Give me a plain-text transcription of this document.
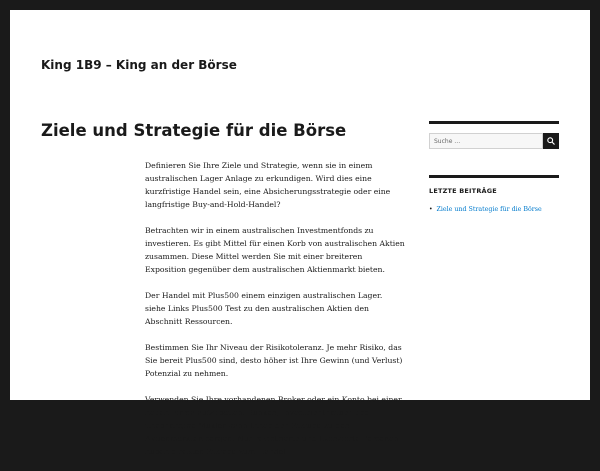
King 1B9 – King an der Börse
Ziele und Strategie für die Börse

Definieren Sie Ihre Ziele und Strategie, wenn sie in einem australischen Lager Anlage zu erkundigen. Wird dies eine kurzfristige Handel sein, eine Absicherungsstrategie oder eine langfristige Buy-and-Hold-Handel?

Betrachten wir in einem australischen Investmentfonds zu investieren. Es gibt Mittel für einen Korb von australischen Aktien zusammen. Diese Mittel werden Sie mit einer breiteren Exposition gegenüber dem australischen Aktienmarkt bieten.

Der Handel mit Plus500 einem einzigen australischen Lager. siehe Links Plus500 Test zu den australischen Aktien den Abschnitt Ressourcen.

Bestimmen Sie Ihr Niveau der Risikotoleranz. Je mehr Risiko, das Sie bereit Plus500 sind, desto höher ist Ihre Gewinn (und Verlust) Potenzial zu nehmen.

Verwenden Sie Ihre vorhandenen Broker oder ein Konto bei einer neuen Firma aufzubauen. Banken, Investmenthäuser und unabhängige Makler kann Ihnen den Zugang zu den Aktienmärkten sorgen. Nur registrierte und lizenzierte Personen haben direkten Zugang zum Handel

Suche …
LETZTE BEITRÄGE
• Ziele und Strategie für die Börse
